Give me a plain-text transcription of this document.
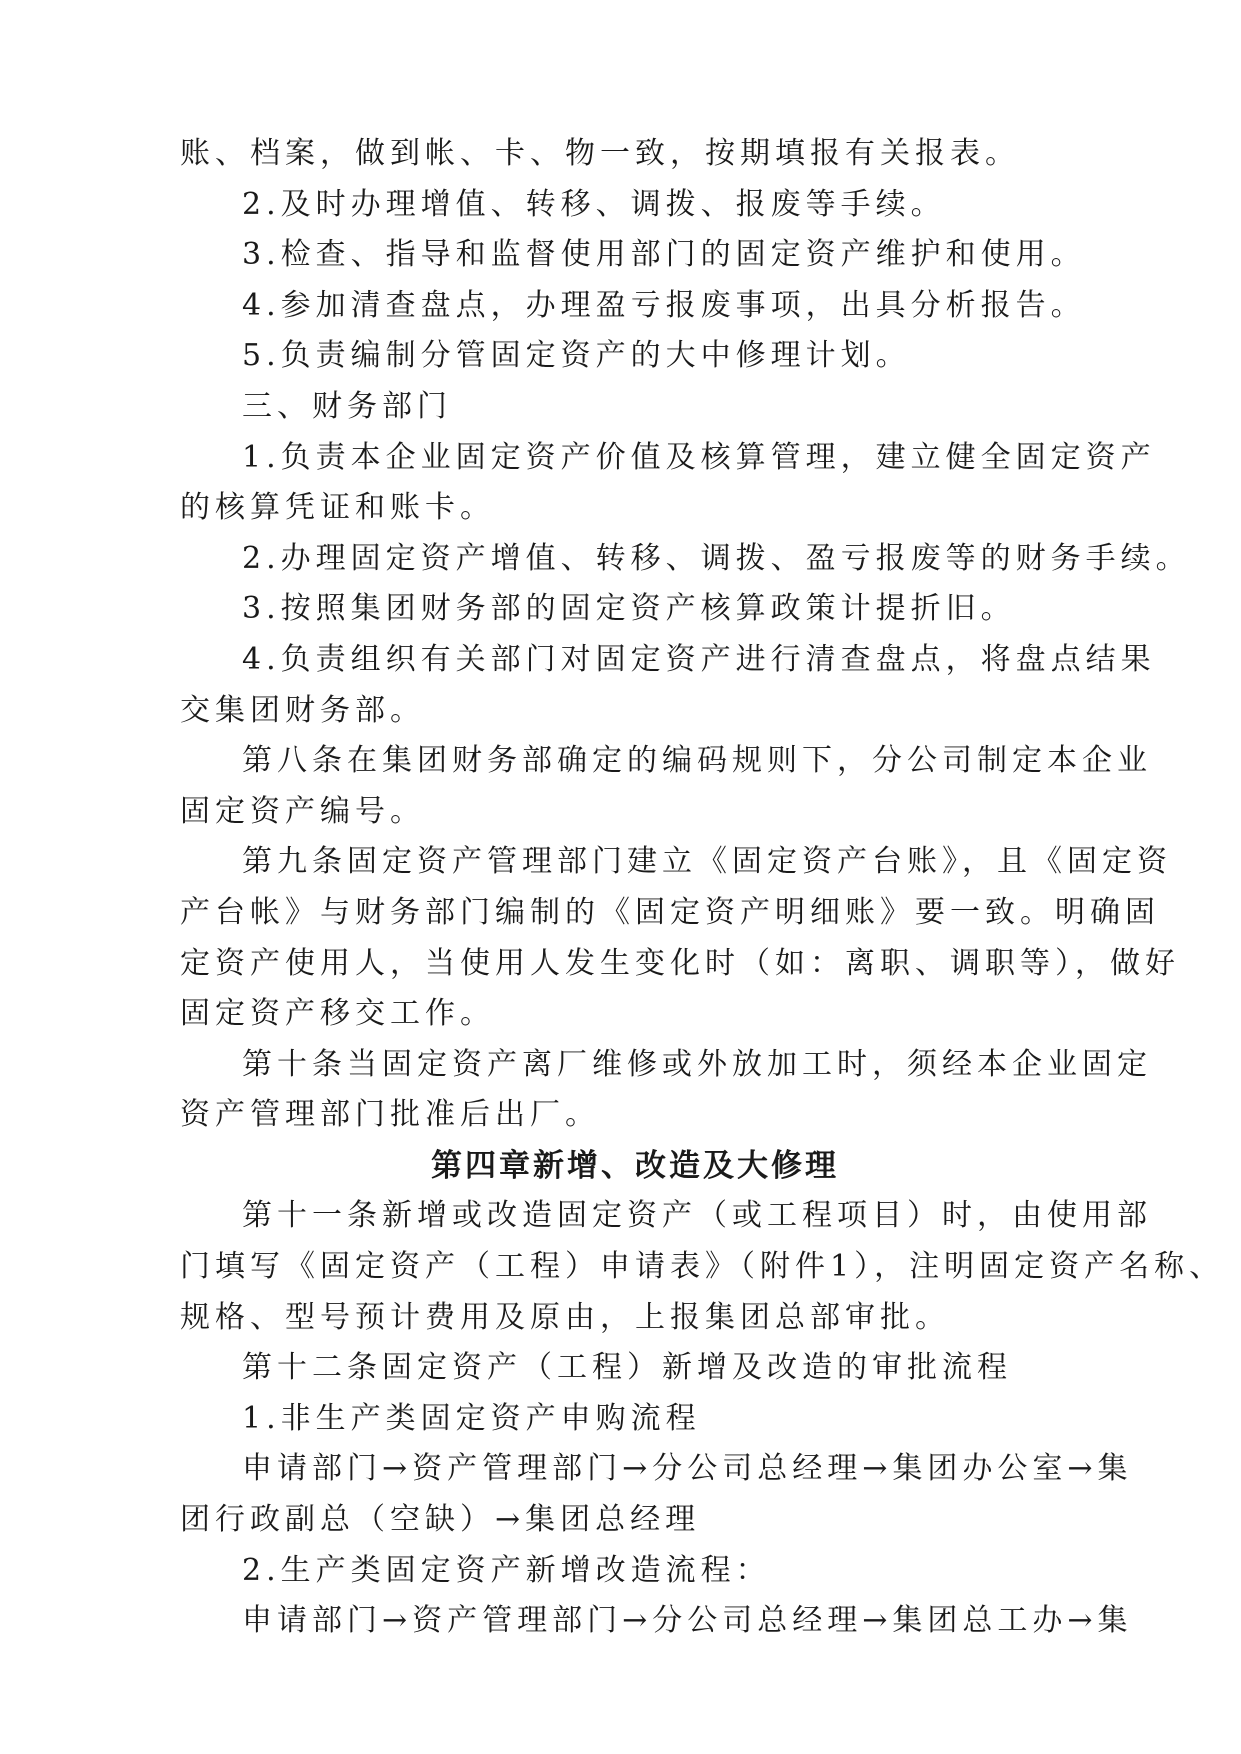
账、档案，做到帐、卡、物一致，按期填报有关报表。

2.及时办理增值、转移、调拨、报废等手续。

3.检查、指导和监督使用部门的固定资产维护和使用。

4.参加清查盘点，办理盈亏报废事项，出具分析报告。

5.负责编制分管固定资产的大中修理计划。

三、财务部门

1.负责本企业固定资产价值及核算管理，建立健全固定资产

的核算凭证和账卡。

2.办理固定资产增值、转移、调拨、盈亏报废等的财务手续。

3.按照集团财务部的固定资产核算政策计提折旧。

4.负责组织有关部门对固定资产进行清查盘点，将盘点结果

交集团财务部。

第八条在集团财务部确定的编码规则下，分公司制定本企业

固定资产编号。

第九条固定资产管理部门建立《固定资产台账》，且《固定资

产台帐》与财务部门编制的《固定资产明细账》要一致。明确固

定资产使用人，当使用人发生变化时（如：离职、调职等），做好

固定资产移交工作。

第十条当固定资产离厂维修或外放加工时，须经本企业固定

资产管理部门批准后出厂。

第四章新增、改造及大修理

第十一条新增或改造固定资产（或工程项目）时，由使用部

门填写《固定资产（工程）申请表》（附件1），注明固定资产名称、

规格、型号预计费用及原由，上报集团总部审批。

第十二条固定资产（工程）新增及改造的审批流程

1.非生产类固定资产申购流程

申请部门→资产管理部门→分公司总经理→集团办公室→集

团行政副总（空缺）→集团总经理

2.生产类固定资产新增改造流程：

申请部门→资产管理部门→分公司总经理→集团总工办→集
